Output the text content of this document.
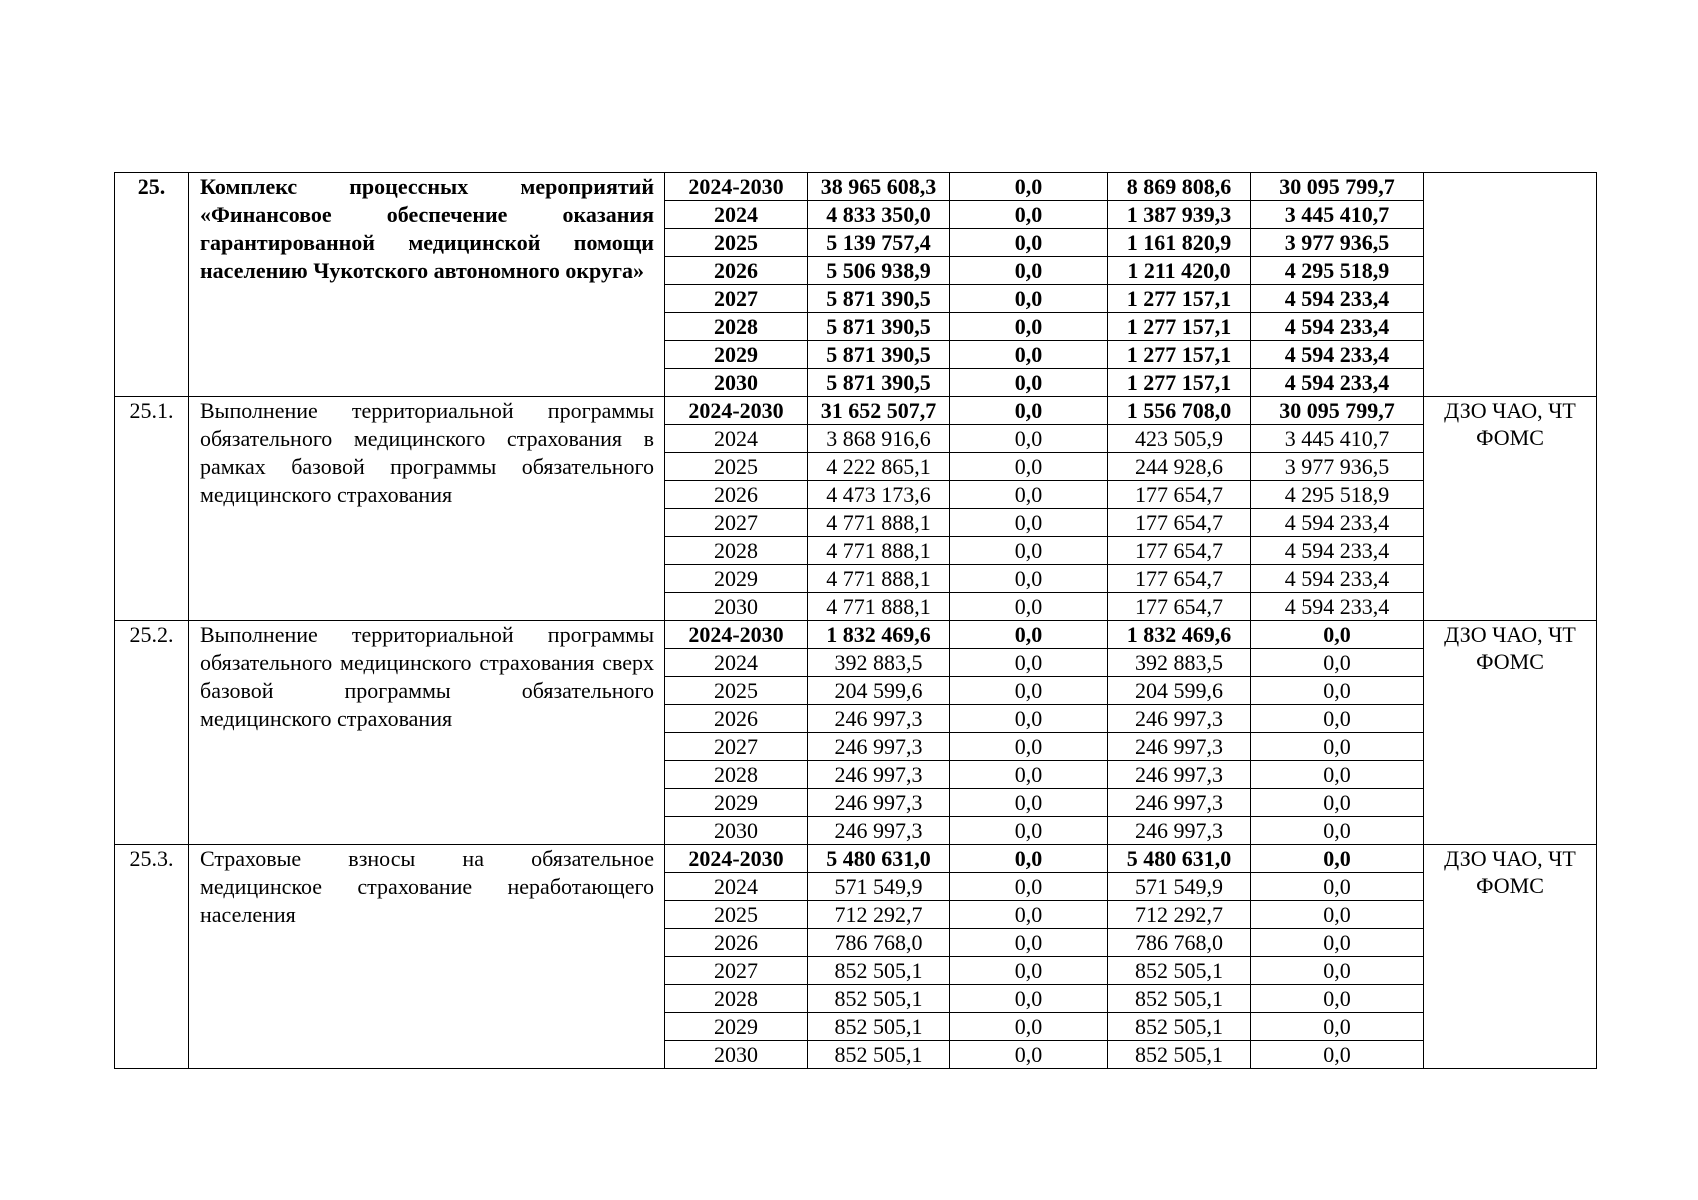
25.	Комплекс процессных мероприятий «Финансовое обеспечение оказания гарантированной медицинской помощи населению Чукотского автономного округа»	2024-2030	38 965 608,3	0,0	8 869 808,6	30 095 799,7	
		2024	4 833 350,0	0,0	1 387 939,3	3 445 410,7	
		2025	5 139 757,4	0,0	1 161 820,9	3 977 936,5	
		2026	5 506 938,9	0,0	1 211 420,0	4 295 518,9	
		2027	5 871 390,5	0,0	1 277 157,1	4 594 233,4	
		2028	5 871 390,5	0,0	1 277 157,1	4 594 233,4	
		2029	5 871 390,5	0,0	1 277 157,1	4 594 233,4	
		2030	5 871 390,5	0,0	1 277 157,1	4 594 233,4	
25.1.	Выполнение территориальной программы обязательного медицинского страхования в рамках базовой программы обязательного медицинского страхования	2024-2030	31 652 507,7	0,0	1 556 708,0	30 095 799,7	ДЗО ЧАО, ЧТ ФОМС
		2024	3 868 916,6	0,0	423 505,9	3 445 410,7	
		2025	4 222 865,1	0,0	244 928,6	3 977 936,5	
		2026	4 473 173,6	0,0	177 654,7	4 295 518,9	
		2027	4 771 888,1	0,0	177 654,7	4 594 233,4	
		2028	4 771 888,1	0,0	177 654,7	4 594 233,4	
		2029	4 771 888,1	0,0	177 654,7	4 594 233,4	
		2030	4 771 888,1	0,0	177 654,7	4 594 233,4	
25.2.	Выполнение территориальной программы обязательного медицинского страхования сверх базовой программы обязательного медицинского страхования	2024-2030	1 832 469,6	0,0	1 832 469,6	0,0	ДЗО ЧАО, ЧТ ФОМС
		2024	392 883,5	0,0	392 883,5	0,0	
		2025	204 599,6	0,0	204 599,6	0,0	
		2026	246 997,3	0,0	246 997,3	0,0	
		2027	246 997,3	0,0	246 997,3	0,0	
		2028	246 997,3	0,0	246 997,3	0,0	
		2029	246 997,3	0,0	246 997,3	0,0	
		2030	246 997,3	0,0	246 997,3	0,0	
25.3.	Страховые взносы на обязательное медицинское страхование неработающего населения	2024-2030	5 480 631,0	0,0	5 480 631,0	0,0	ДЗО ЧАО, ЧТ ФОМС
		2024	571 549,9	0,0	571 549,9	0,0	
		2025	712 292,7	0,0	712 292,7	0,0	
		2026	786 768,0	0,0	786 768,0	0,0	
		2027	852 505,1	0,0	852 505,1	0,0	
		2028	852 505,1	0,0	852 505,1	0,0	
		2029	852 505,1	0,0	852 505,1	0,0	
		2030	852 505,1	0,0	852 505,1	0,0	
